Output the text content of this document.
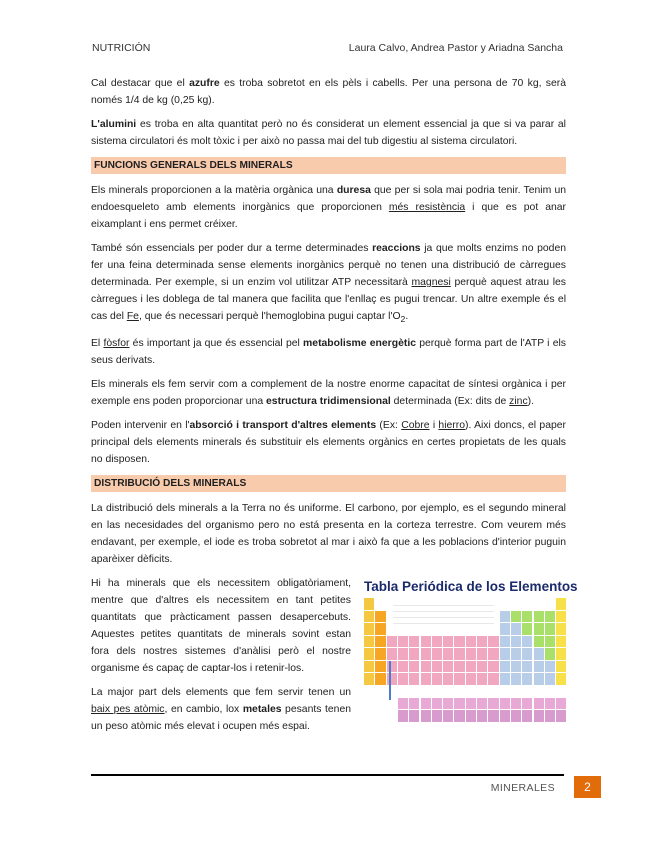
NUTRICIÓN	Laura Calvo, Andrea Pastor y Ariadna Sancha

Cal destacar que el azufre es troba sobretot en els pèls i cabells. Per una persona de 70 kg, serà només 1/4 de kg (0,25 kg).

L'alumini es troba en alta quantitat però no és considerat un element essencial ja que si va parar al sistema circulatori és molt tòxic i per això no passa mai del tub digestiu al sistema circulatori.

FUNCIONS GENERALS DELS MINERALS

Els minerals proporcionen a la matèria orgànica una duresa que per si sola mai podria tenir. Tenim un endoesqueleto amb elements inorgànics que proporcionen més resistència i que es pot anar eixamplant i ens permet créixer.

També són essencials per poder dur a terme determinades reaccions ja que molts enzims no poden fer una feina determinada sense elements inorgànics perquè no tenen una distribució de càrregues determinada. Per exemple, si un enzim vol utilitzar ATP necessitarà magnesi perquè aquest atrau les càrregues i les doblega de tal manera que facilita que l'enllaç es pugui trencar. Un altre exemple és el cas del Fe, que és necessari perquè l'hemoglobina pugui captar $l'O_2$.

El fòsfor és important ja que és essencial pel metabolisme energètic perquè forma part de l'ATP i els seus derivats.

Els minerals els fem servir com a complement de la nostre enorme capacitat de síntesi orgànica i per exemple ens poden proporcionar una estructura tridimensional determinada (Ex: dits de zinc).

Poden intervenir en l'absorció i transport d'altres elements (Ex: Cobre i hierro). Aixi doncs, el paper principal dels elements minerals és substituir els elements orgànics en certes propietats de les quals no disposen.

DISTRIBUCIÓ DELS MINERALS

La distribució dels minerals a la Terra no és uniforme. El carbono, por ejemplo, es el segundo mineral en las necesidades del organismo pero no está presenta en la corteza terrestre. Com veurem més endavant, per exemple, el iode es troba sobretot al mar i això fa que a les poblacions d'interior puguin aparèixer dèficits.

Hi ha minerals que els necessitem obligatòriament, mentre que d'altres els necessitem en tant petites quantitats que pràcticament passen desapercebuts. Aquestes petites quantitats de minerals sovint estan fora dels nostres sistemes d'anàlisi però el nostre organisme és capaç de captar-los i retenir-los.

La major part dels elements que fem servir tenen un baix pes atòmic, en cambio, lox metales pesants tenen un peso atòmic més elevat i ocupen més espai.

Tabla Periódica de los Elementos
MINERALES	2
